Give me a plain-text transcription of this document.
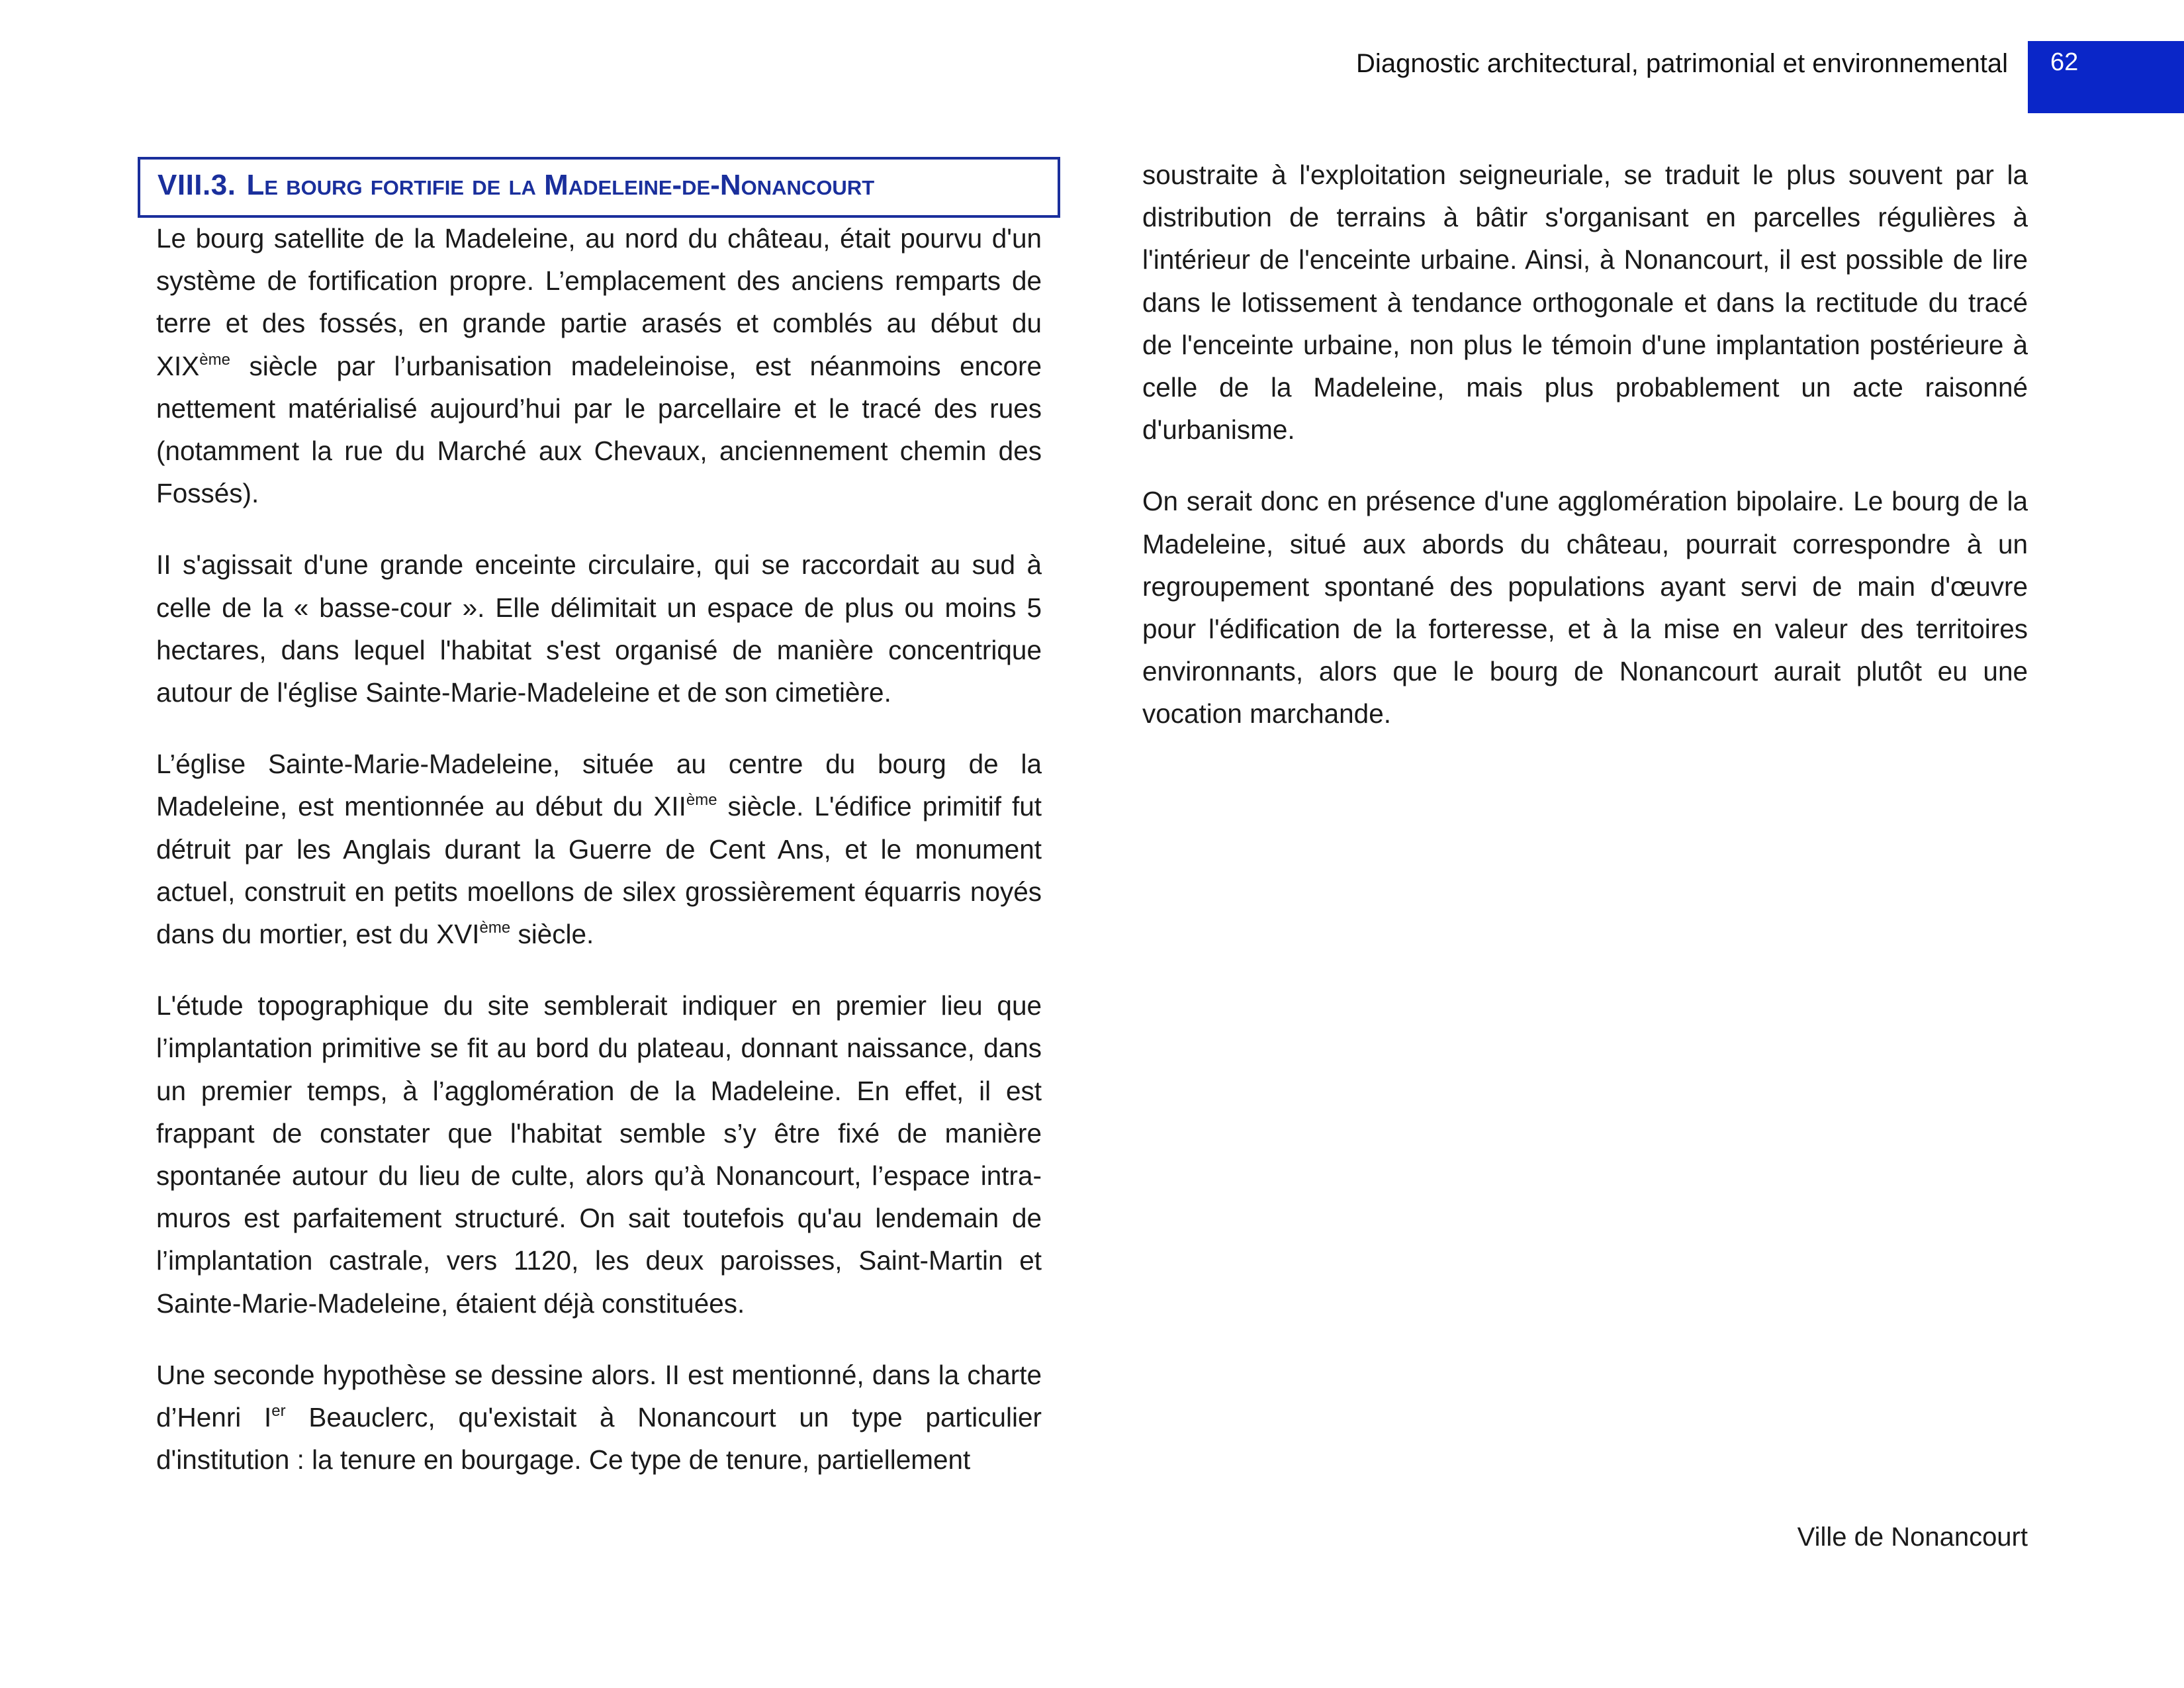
Diagnostic architectural, patrimonial et environnemental	62
VIII.3. Le bourg fortifie de la Madeleine-de-Nonancourt

Le bourg satellite de la Madeleine, au nord du château, était pourvu d'un système de fortification propre. L’emplacement des anciens remparts de terre et des fossés, en grande partie arasés et comblés au début du XIXème siècle par l’urbanisation madeleinoise, est néanmoins encore nettement matérialisé aujourd’hui par le parcellaire et le tracé des rues (notamment la rue du Marché aux Chevaux, anciennement chemin des Fossés).

II s'agissait d'une grande enceinte circulaire, qui se raccordait au sud à celle de la « basse-cour ». Elle délimitait un espace de plus ou moins 5 hectares, dans lequel l'habitat s'est organisé de manière concentrique autour de l'église Sainte-Marie-Madeleine et de son cimetière.

L’église Sainte-Marie-Madeleine, située au centre du bourg de la Madeleine, est mentionnée au début du XIIème siècle. L'édifice primitif fut détruit par les Anglais durant la Guerre de Cent Ans, et le monument actuel, construit en petits moellons de silex grossièrement équarris noyés dans du mortier, est du XVIème siècle.

L'étude topographique du site semblerait indiquer en premier lieu que l’implantation primitive se fit au bord du plateau, donnant naissance, dans un premier temps, à l’agglomération de la Madeleine. En effet, il est frappant de constater que l'habitat semble s’y être fixé de manière spontanée autour du lieu de culte, alors qu’à Nonancourt, l’espace intra-muros est parfaitement structuré. On sait toutefois qu'au lendemain de l’implantation castrale, vers 1120, les deux paroisses, Saint-Martin et Sainte-Marie-Madeleine, étaient déjà constituées.

Une seconde hypothèse se dessine alors. II est mentionné, dans la charte d’Henri Ier Beauclerc, qu'existait à Nonancourt un type particulier d'institution : la tenure en bourgage. Ce type de tenure, partiellement

soustraite à l'exploitation seigneuriale, se traduit le plus souvent par la distribution de terrains à bâtir s'organisant en parcelles régulières à l'intérieur de l'enceinte urbaine. Ainsi, à Nonancourt, il est possible de lire dans le lotissement à tendance orthogonale et dans la rectitude du tracé de l'enceinte urbaine, non plus le témoin d'une implantation postérieure à celle de la Madeleine, mais plus probablement un acte raisonné d'urbanisme.

On serait donc en présence d'une agglomération bipolaire. Le bourg de la Madeleine, situé aux abords du château, pourrait correspondre à un regroupement spontané des populations ayant servi de main d'œuvre pour l'édification de la forteresse, et à la mise en valeur des territoires environnants, alors que le bourg de Nonancourt aurait plutôt eu une vocation marchande.

Ville de Nonancourt
